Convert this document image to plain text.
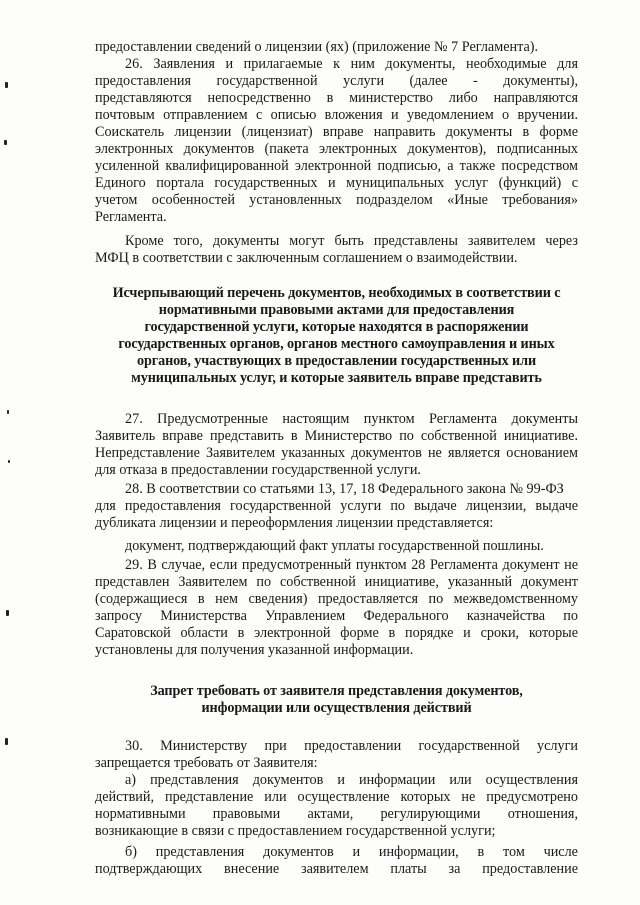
предоставлении сведений о лицензии (ях) (приложение № 7 Регламента).
26. Заявления и прилагаемые к ним документы, необходимые для
предоставления государственной услуги (далее - документы),
представляются непосредственно в министерство либо направляются
почтовым отправлением с описью вложения и уведомлением о вручении.
Соискатель лицензии (лицензиат) вправе направить документы в форме
электронных документов (пакета электронных документов), подписанных
усиленной квалифицированной электронной подписью, а также посредством
Единого портала государственных и муниципальных услуг (функций) с
учетом особенностей установленных подразделом «Иные требования»
Регламента.
Кроме того, документы могут быть представлены заявителем через
МФЦ в соответствии с заключенным соглашением о взаимодействии.
Исчерпывающий перечень документов, необходимых в соответствии с
нормативными правовыми актами для предоставления
государственной услуги, которые находятся в распоряжении
государственных органов, органов местного самоуправления и иных
органов, участвующих в предоставлении государственных или
муниципальных услуг, и которые заявитель вправе представить
27. Предусмотренные настоящим пунктом Регламента документы
Заявитель вправе представить в Министерство по собственной инициативе.
Непредставление Заявителем указанных документов не является основанием
для отказа в предоставлении государственной услуги.
28. В соответствии со статьями 13, 17, 18 Федерального закона № 99-ФЗ
для предоставления государственной услуги по выдаче лицензии, выдаче
дубликата лицензии и переоформления лицензии представляется:
документ, подтверждающий факт уплаты государственной пошлины.
29. В случае, если предусмотренный пунктом 28 Регламента документ не
представлен Заявителем по собственной инициативе, указанный документ
(содержащиеся в нем сведения) предоставляется по межведомственному
запросу Министерства Управлением Федерального казначейства по
Саратовской области в электронной форме в порядке и сроки, которые
установлены для получения указанной информации.
Запрет требовать от заявителя представления документов,
информации или осуществления действий
30. Министерству при предоставлении государственной услуги
запрещается требовать от Заявителя:
а) представления документов и информации или осуществления
действий, представление или осуществление которых не предусмотрено
нормативными правовыми актами, регулирующими отношения,
возникающие в связи с предоставлением государственной услуги;
б) представления документов и информации, в том числе
подтверждающих внесение заявителем платы за предоставление
